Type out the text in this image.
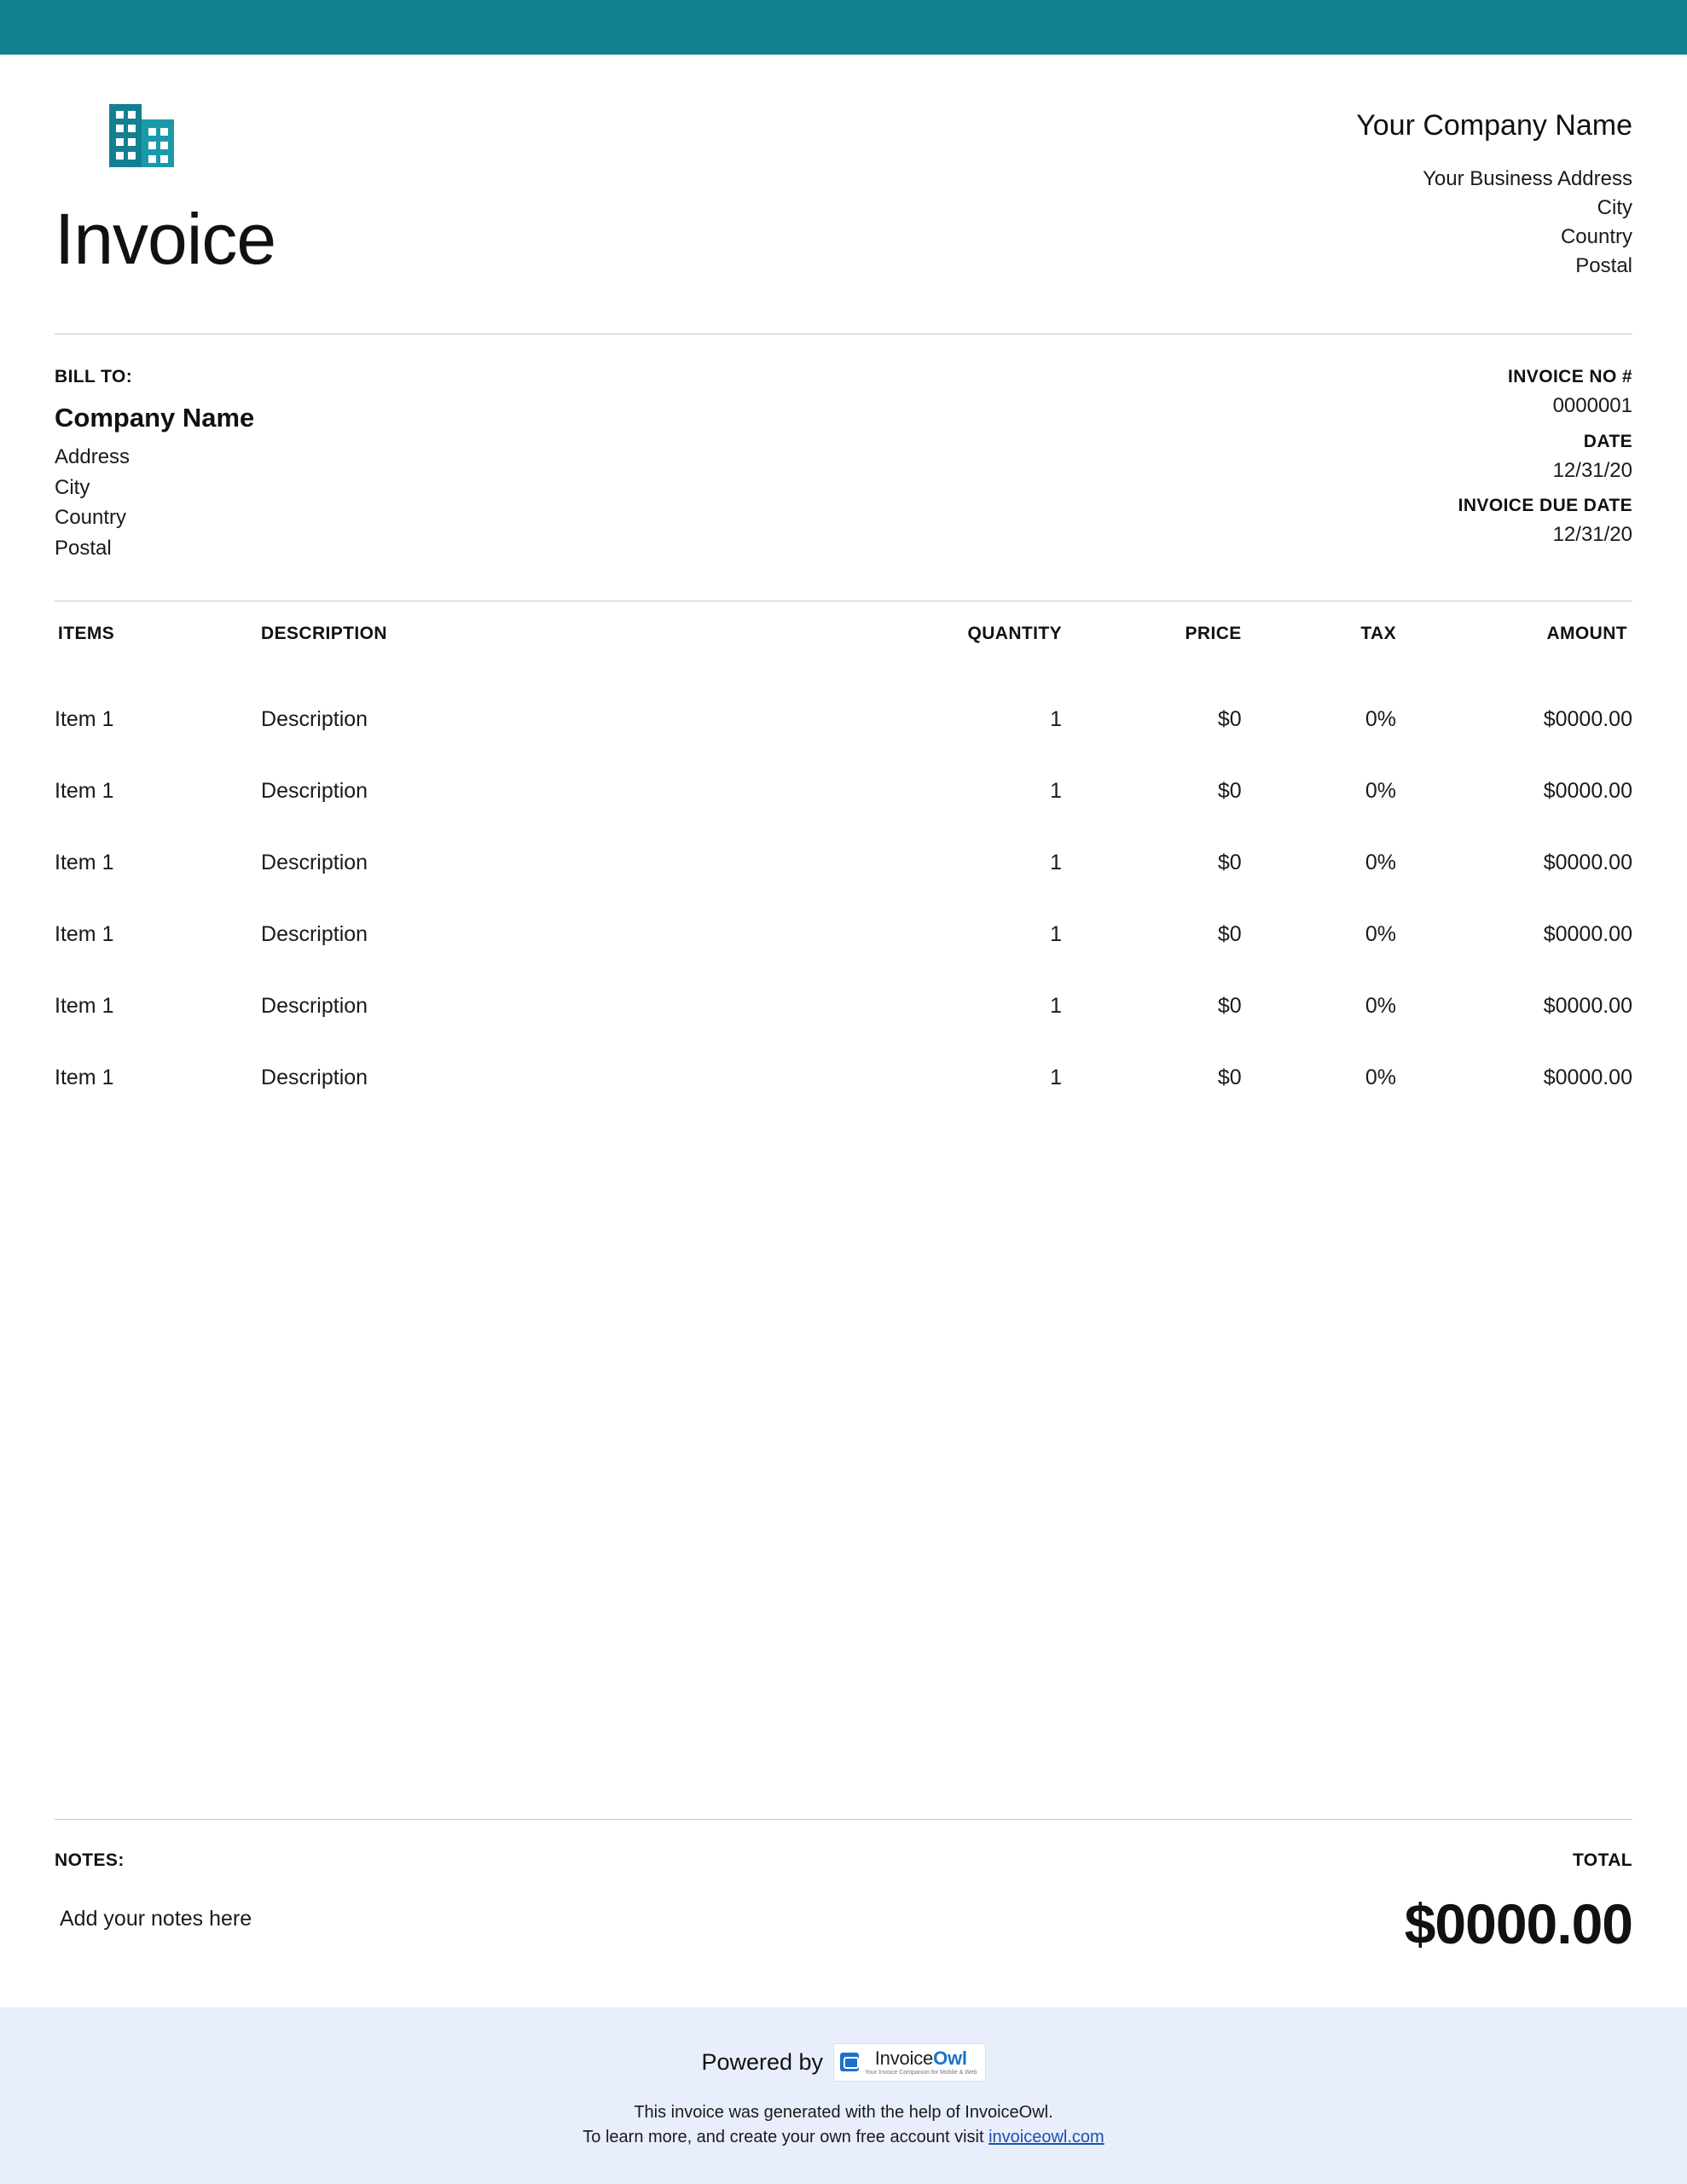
Invoice
Your Company Name
Your Business Address
City
Country
Postal
BILL TO:
Company Name
Address
City
Country
Postal
INVOICE NO #
0000001
DATE
12/31/20
INVOICE DUE DATE
12/31/20
ITEMS	DESCRIPTION	QUANTITY	PRICE	TAX	AMOUNT
Item 1	Description	1	$0	0%	$0000.00
Item 1	Description	1	$0	0%	$0000.00
Item 1	Description	1	$0	0%	$0000.00
Item 1	Description	1	$0	0%	$0000.00
Item 1	Description	1	$0	0%	$0000.00
Item 1	Description	1	$0	0%	$0000.00
NOTES:
Add your notes here
TOTAL
$0000.00
Powered by	InvoiceOwl
Your Invoice Companion for Mobile & Web
This invoice was generated with the help of InvoiceOwl.
To learn more, and create your own free account visit invoiceowl.com
